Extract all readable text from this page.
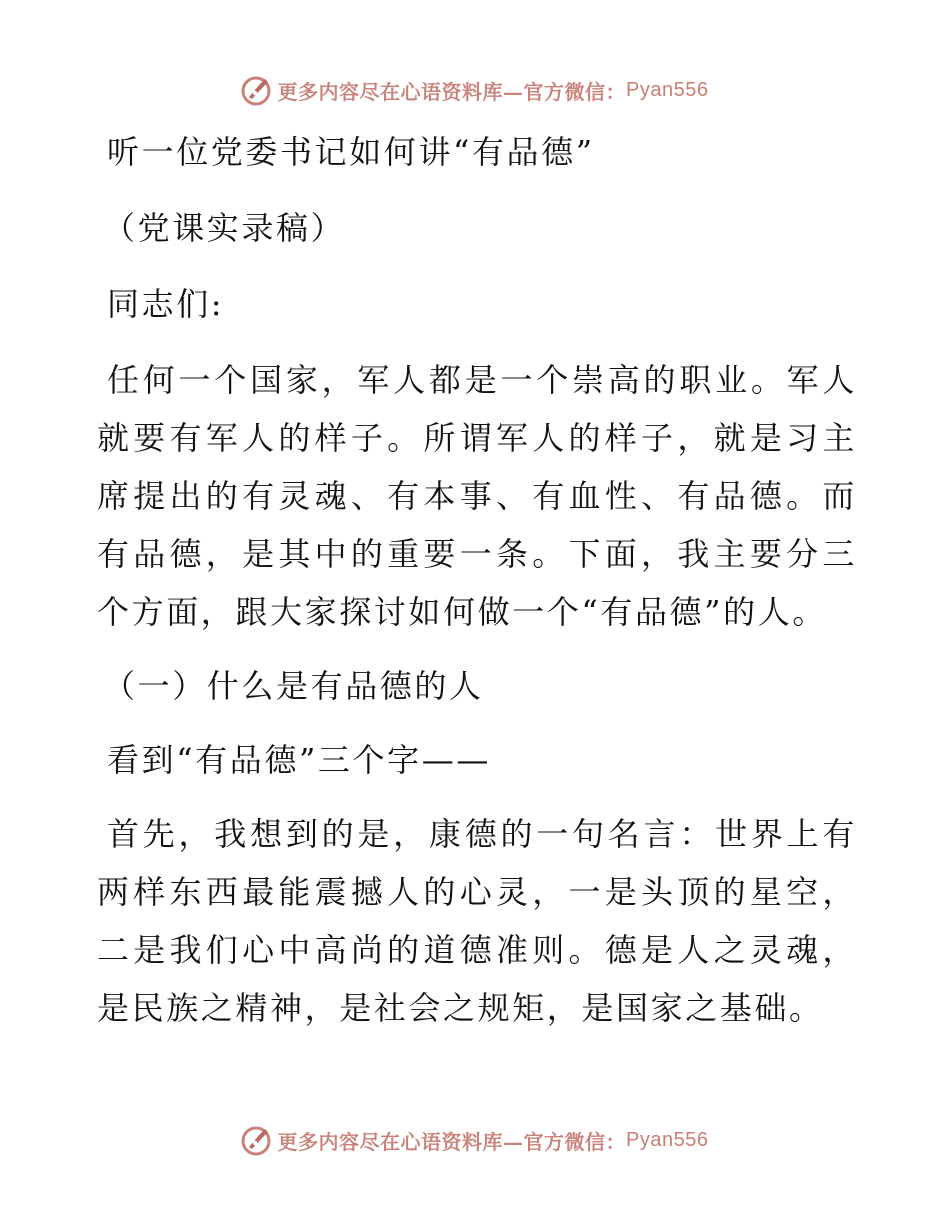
更多内容尽在心语资料库—官方微信： Pyan556

听一位党委书记如何讲“有品德”

（党课实录稿）

同志们:

任何一个国家，军人都是一个崇高的职业。军人就要有军人的样子。所谓军人的样子，就是习主席提出的有灵魂、有本事、有血性、有品德。而有品德，是其中的重要一条。下面，我主要分三个方面，跟大家探讨如何做一个“有品德”的人。

（一）什么是有品德的人

看到“有品德”三个字——

首先，我想到的是，康德的一句名言：世界上有两样东西最能震撼人的心灵，一是头顶的星空，二是我们心中高尚的道德准则。德是人之灵魂，是民族之精神，是社会之规矩，是国家之基础。

更多内容尽在心语资料库—官方微信： Pyan556
